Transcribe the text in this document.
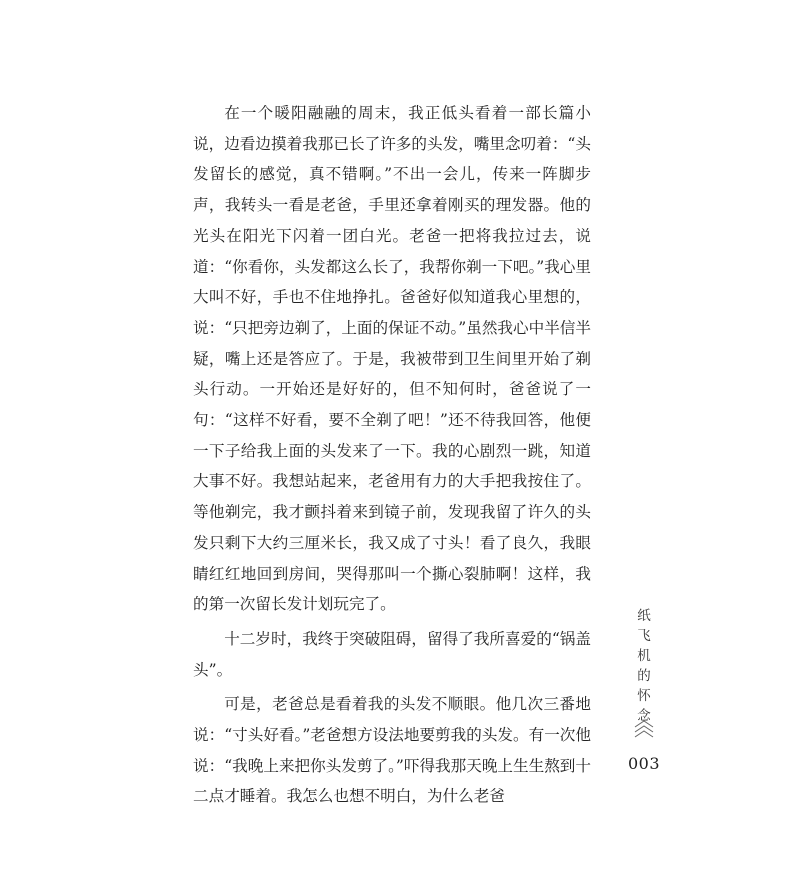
在一个暖阳融融的周末，我正低头看着一部长篇小说，边看边摸着我那已长了许多的头发，嘴里念叨着：“头发留长的感觉，真不错啊。”不出一会儿，传来一阵脚步声，我转头一看是老爸，手里还拿着刚买的理发器。他的光头在阳光下闪着一团白光。老爸一把将我拉过去，说道：“你看你，头发都这么长了，我帮你剃一下吧。”我心里大叫不好，手也不住地挣扎。爸爸好似知道我心里想的，说：“只把旁边剃了，上面的保证不动。”虽然我心中半信半疑，嘴上还是答应了。于是，我被带到卫生间里开始了剃头行动。一开始还是好好的，但不知何时，爸爸说了一句：“这样不好看，要不全剃了吧！”还不待我回答，他便一下子给我上面的头发来了一下。我的心剧烈一跳，知道大事不好。我想站起来，老爸用有力的大手把我按住了。等他剃完，我才颤抖着来到镜子前，发现我留了许久的头发只剩下大约三厘米长，我又成了寸头！看了良久，我眼睛红红地回到房间，哭得那叫一个撕心裂肺啊！这样，我的第一次留长发计划玩完了。

十二岁时，我终于突破阻碍，留得了我所喜爱的“锅盖头”。

可是，老爸总是看着我的头发不顺眼。他几次三番地说：“寸头好看。”老爸想方设法地要剪我的头发。有一次他说：“我晚上来把你头发剪了。”吓得我那天晚上生生熬到十二点才睡着。我怎么也想不明白，为什么老爸

纸
飞
机
的
怀
念
003
